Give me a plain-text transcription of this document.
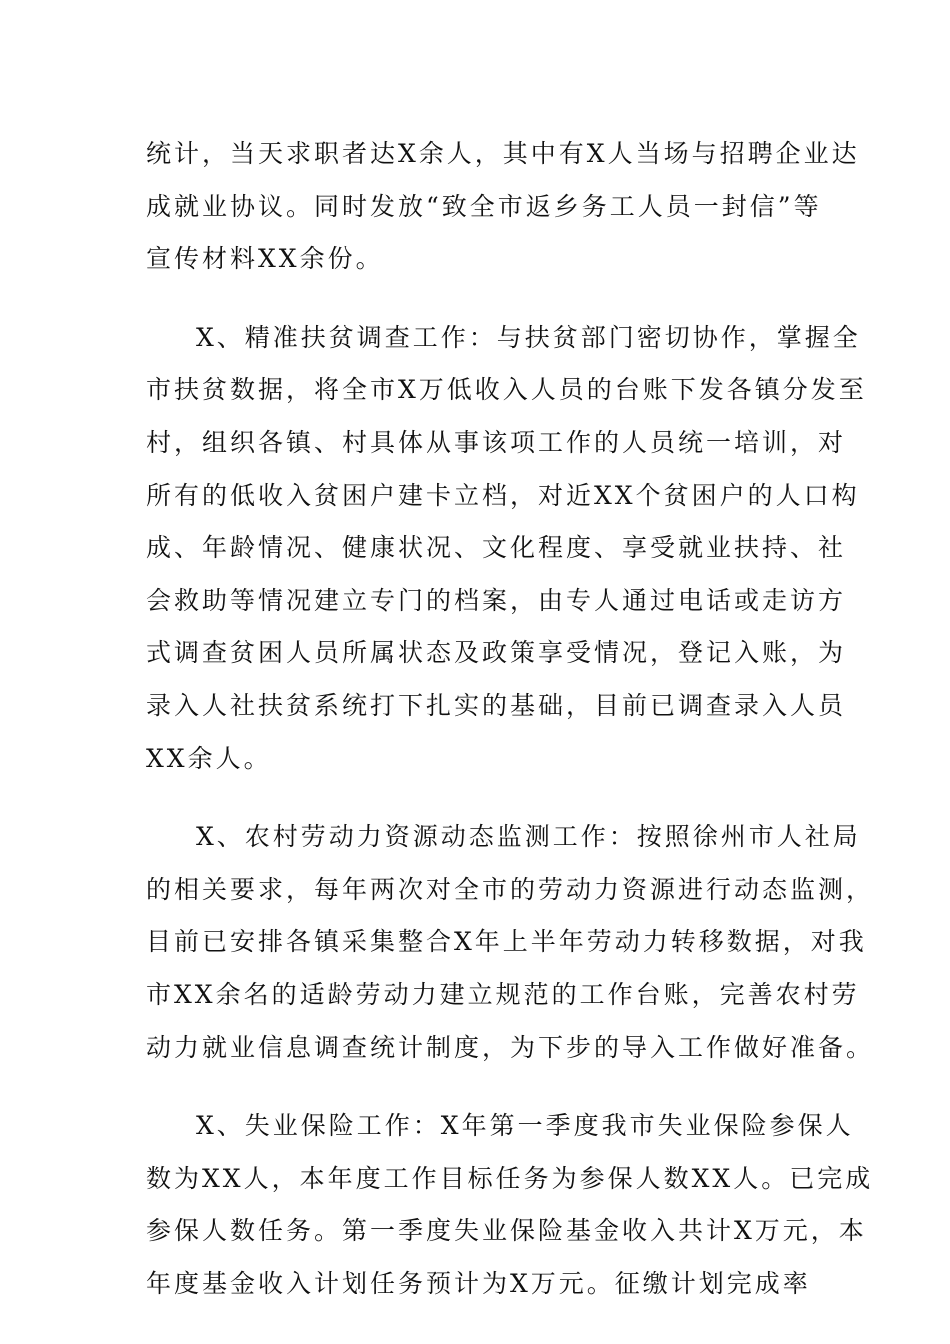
统计，当天求职者达X余人，其中有X人当场与招聘企业达
成就业协议。同时发放“致全市返乡务工人员一封信”等
宣传材料XX余份。
X、精准扶贫调查工作：与扶贫部门密切协作，掌握全
市扶贫数据，将全市X万低收入人员的台账下发各镇分发至
村，组织各镇、村具体从事该项工作的人员统一培训，对
所有的低收入贫困户建卡立档，对近XX个贫困户的人口构
成、年龄情况、健康状况、文化程度、享受就业扶持、社
会救助等情况建立专门的档案，由专人通过电话或走访方
式调查贫困人员所属状态及政策享受情况，登记入账，为
录入人社扶贫系统打下扎实的基础，目前已调查录入人员
XX余人。
X、农村劳动力资源动态监测工作：按照徐州市人社局
的相关要求，每年两次对全市的劳动力资源进行动态监测，
目前已安排各镇采集整合X年上半年劳动力转移数据，对我
市XX余名的适龄劳动力建立规范的工作台账，完善农村劳
动力就业信息调查统计制度，为下步的导入工作做好准备。
X、失业保险工作：X年第一季度我市失业保险参保人
数为XX人，本年度工作目标任务为参保人数XX人。已完成
参保人数任务。第一季度失业保险基金收入共计X万元，本
年度基金收入计划任务预计为X万元。征缴计划完成率
